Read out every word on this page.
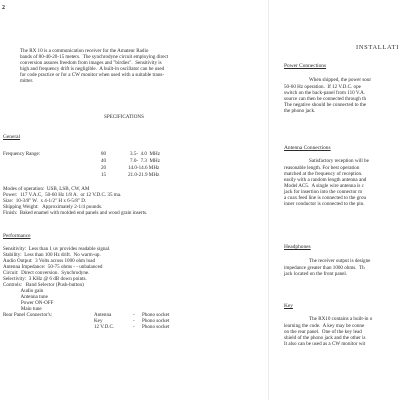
2
The RX 10 is a communication receiver for the Amateur Radio
bands of 80-40-20-15 meters.  The synchrodyne circuit employing direct
conversion assures freedom from images and "birdies".  Sensitivity is
high and frequency drift is negligible.  A built-in oscillator can be used
for code practice or for a CW monitor when used with a suitable trans-
mitter.
SPECIFICATIONS
General
Frequency Range:	80	3.5-  4.0  MHz
40	7.0-  7.3  MHz
20	14.0-14.6 MHz
15	21.0-21.9 MHz
Modes of operation:  USB, LSB, CW, AM
Power:  117 V.A.C,  50-60 Hz 1/8 A.  or 12 V.D.C. 35 ma.
Size:  10-3/8" W.  x 4-1/2" H x 6-5/8" D.
Shipping Weight:   Approximately 2-1/4 pounds.
Finish:  Baked enamel with molded end panels and wood grain inserts.
Performance
Sensitivity:  Less than 1 uv provides readable signal.
Stability:  Less than 100 Hz drift.  No warm-up.
Audio Output:  3 Volts across 1000 ohm load
Antenna Impedance:  50-75 ohms - - unbalanced
Circuit:  Direct conversion.  Synchrodyne.
Selectivity:  3 KHz @ 6 dB down points.
Controls:   Band Selector (Push-button)
Audio gain
Antenna tune
Power ON-OFF
Main tune
Rear Panel Connector's:	Antenna	- Phono socket
Key	- Phono socket
12 V.D.C.	- Phono socket
INSTALLATI
Power Connections
When shipped, the power sour
50-60 Hz operation.  If 12 V.D.C. ope
switch on the back-panel from 110 V.A.
source can then be connected through th
The negative should be connected to the
the phono jack.
Antenna Connections
Satisfactory reception will be
reasonable length. For best operation
matched at the frequency of reception.
easily with a random length antenna and
Model AC5.  A single wire antenna is c
jack for insertion into the connector m
a coax feed line is connected to the grou
inner conductor is connected to the pin.
Headphones
The receiver output is designe
impedance greater than 1000 ohms.  Th
jack located on the front panel.
Key
The RX10 contains a built-in o
learning the code.  A key may be conne
on the rear panel.  One of the key lead
shield of the phono jack and the other is
It also can be used as a CW monitor wit
